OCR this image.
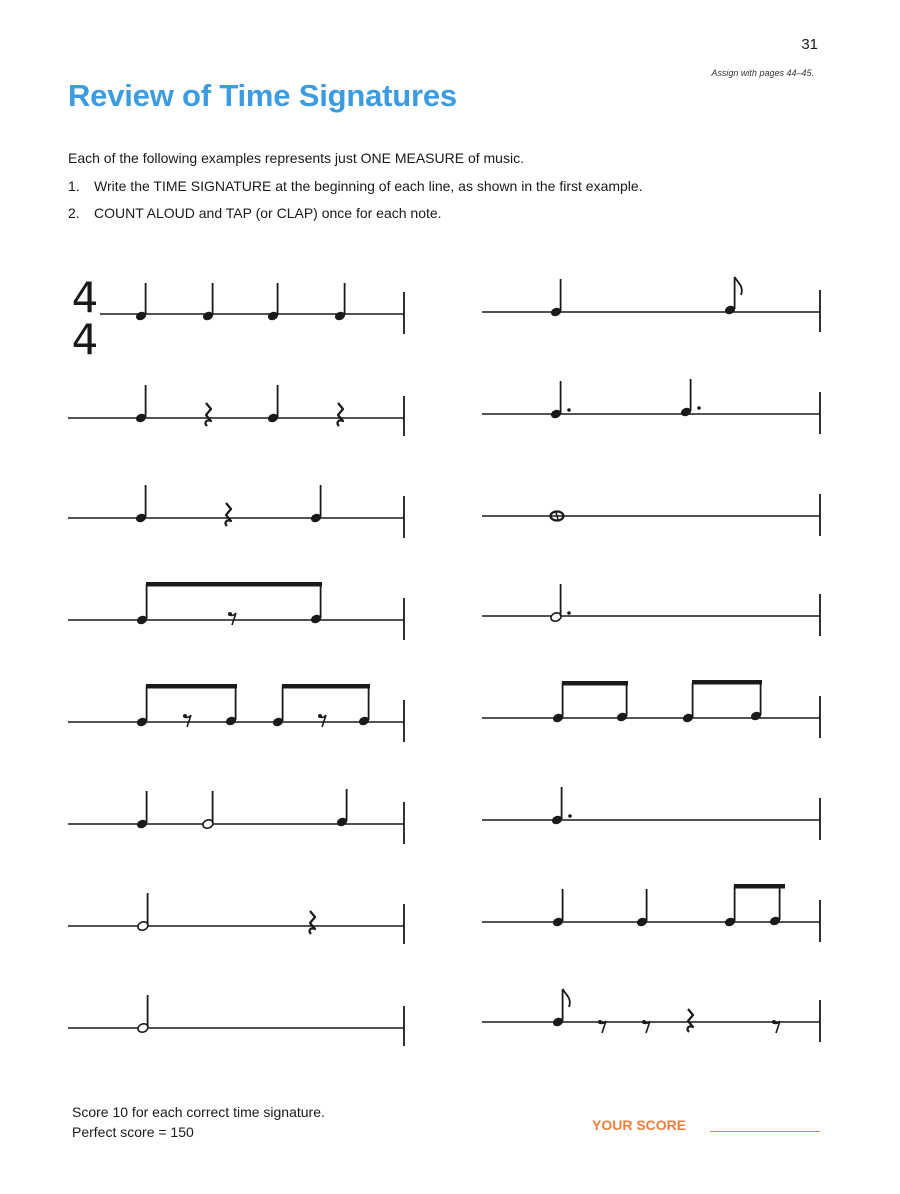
31
Assign with pages 44–45.
Review of Time Signatures
Each of the following examples represents just ONE MEASURE of music.
1. Write the TIME SIGNATURE at the beginning of each line, as shown in the first example.
2. COUNT ALOUD and TAP (or CLAP) once for each note.
4
4
Score 10 for each correct time signature.
Perfect score = 150	YOUR SCORE
